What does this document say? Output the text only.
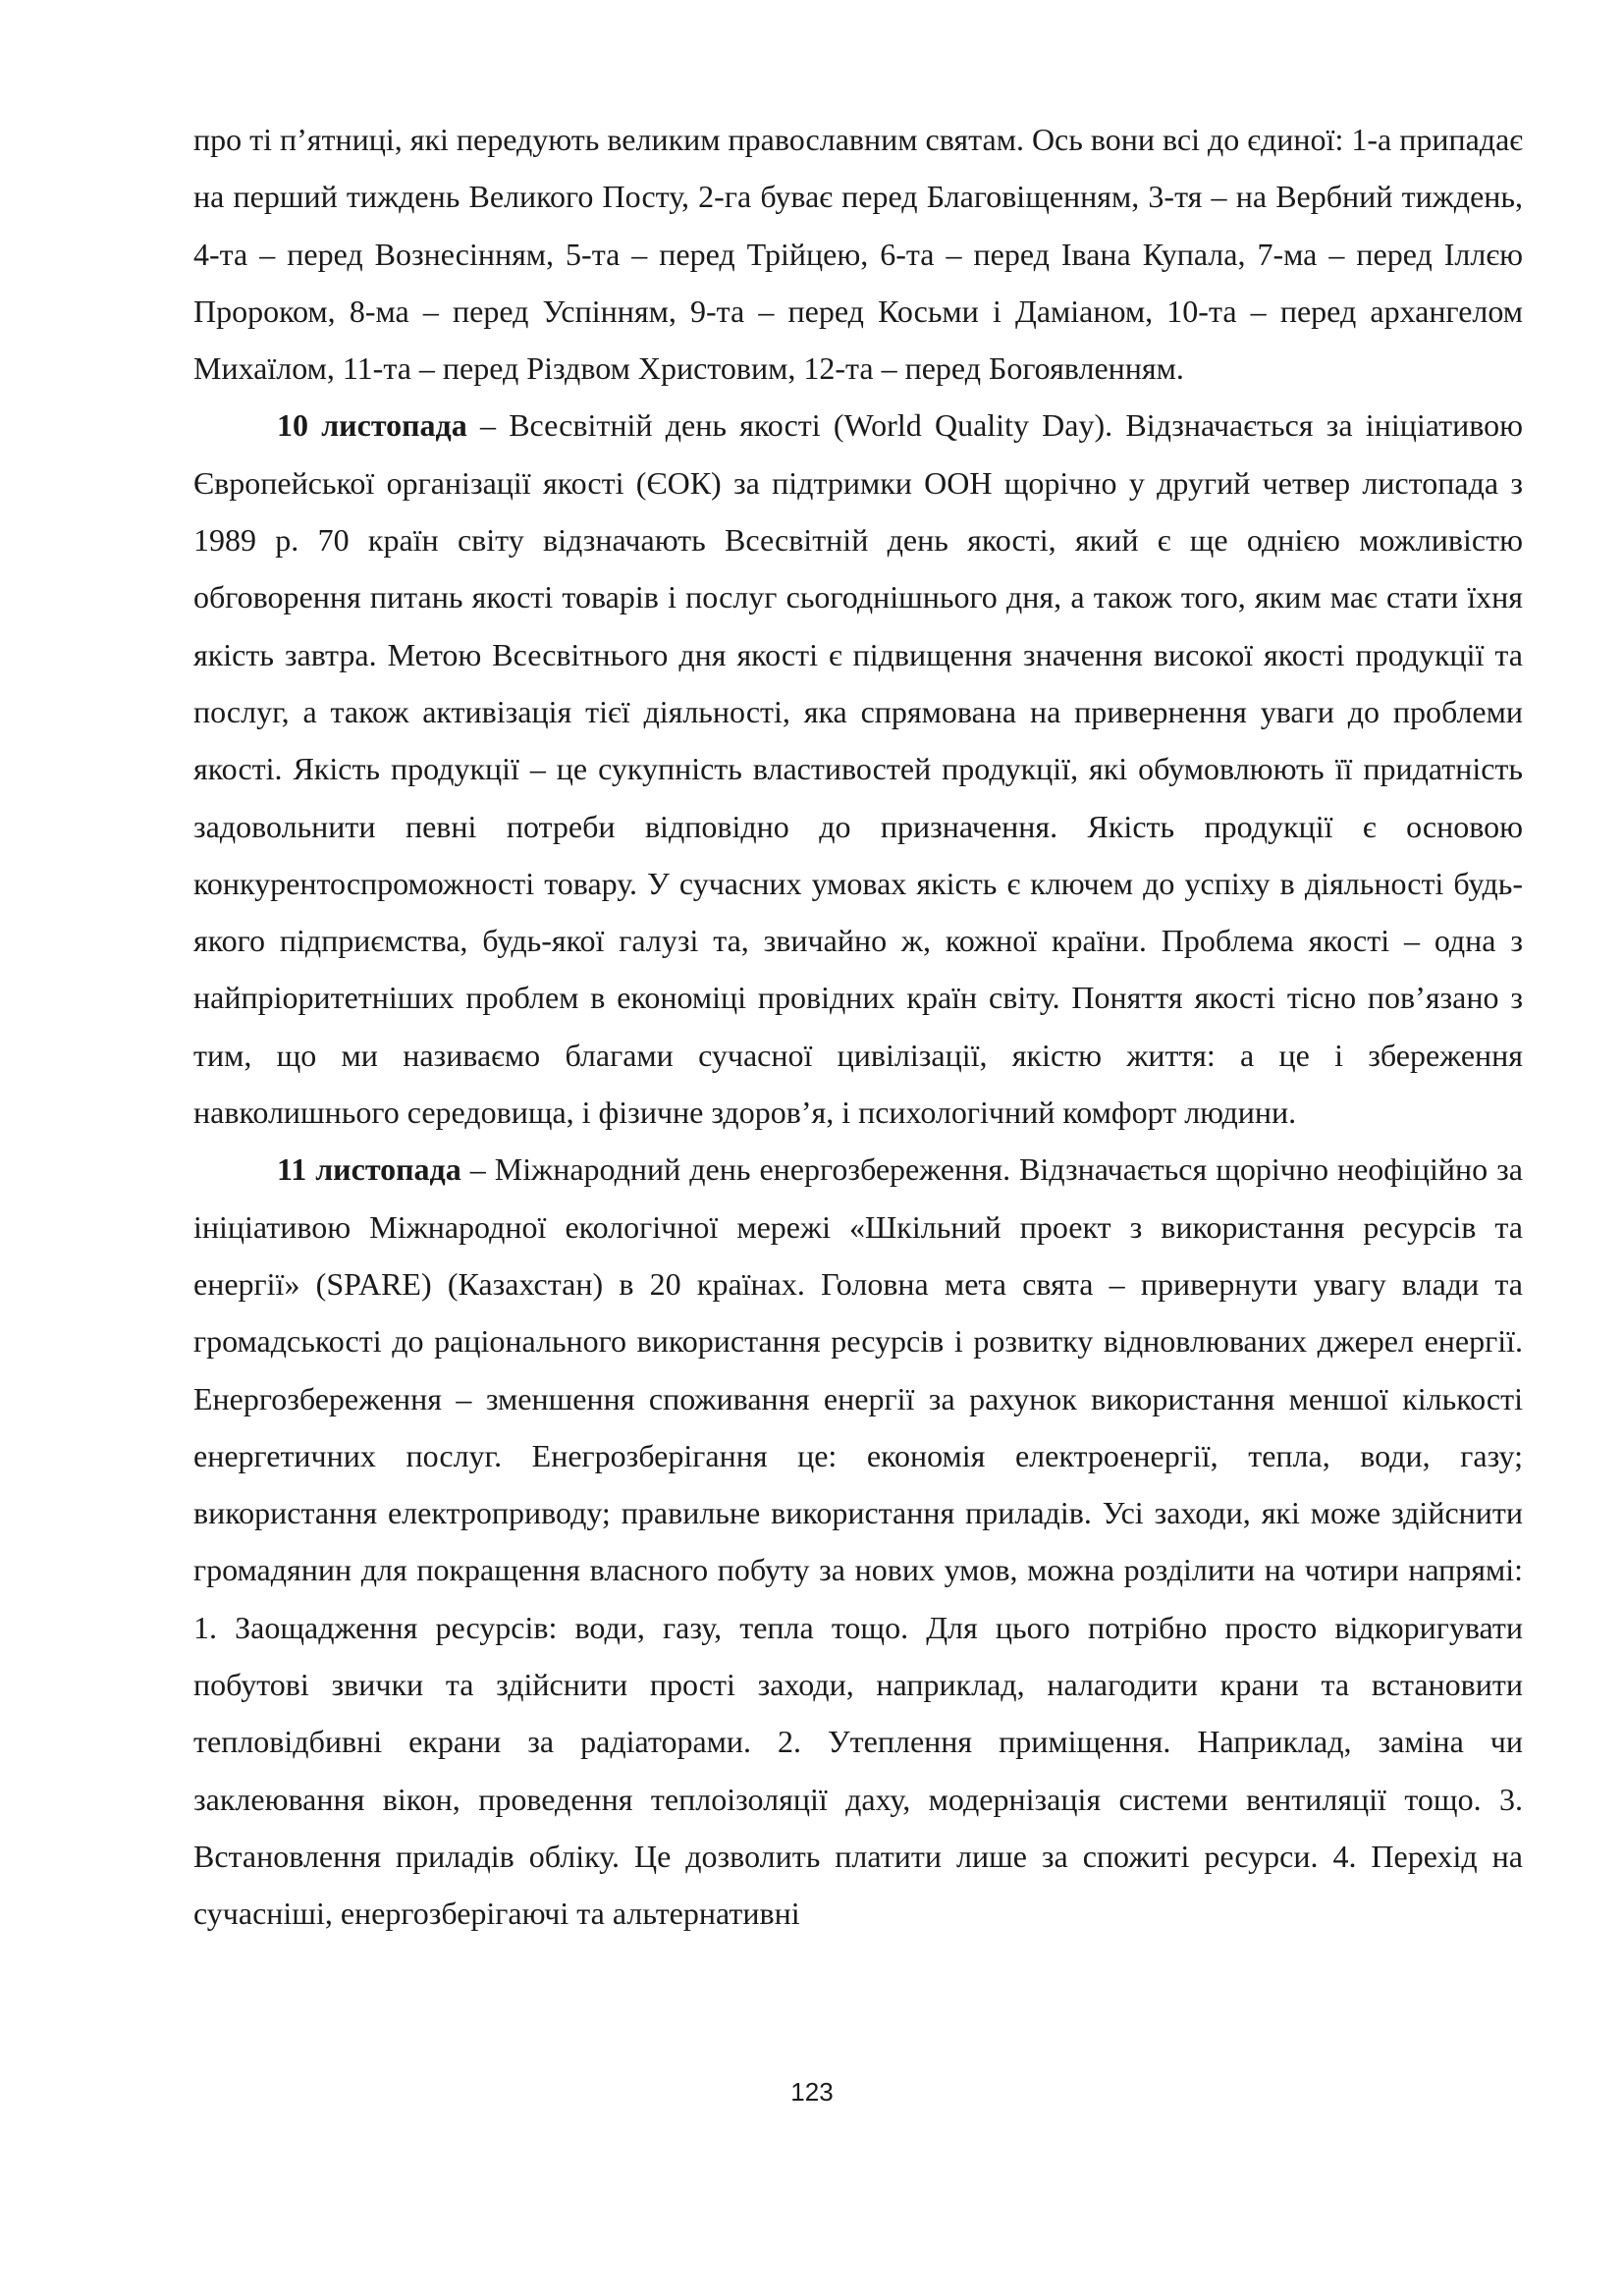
про ті п’ятниці, які передують великим православним святам. Ось вони всі до єдиної: 1-а припадає на перший тиждень Великого Посту, 2-га буває перед Благовіщенням, 3-тя – на Вербний тиждень, 4-та – перед Вознесінням, 5-та – перед Трійцею, 6-та – перед Івана Купала, 7-ма – перед Іллєю Пророком, 8-ма – перед Успінням, 9-та – перед Косьми і Даміаном, 10-та – перед архангелом Михаїлом, 11-та – перед Різдвом Христовим, 12-та – перед Богоявленням.

10 листопада – Всесвітній день якості (World Quality Day). Відзначається за ініціативою Європейської організації якості (ЄОК) за підтримки ООН щорічно у другий четвер листопада з 1989 р. 70 країн світу відзначають Всесвітній день якості, який є ще однією можливістю обговорення питань якості товарів і послуг сьогоднішнього дня, а також того, яким має стати їхня якість завтра. Метою Всесвітнього дня якості є підвищення значення високої якості продукції та послуг, а також активізація тієї діяльності, яка спрямована на привернення уваги до проблеми якості. Якість продукції – це сукупність властивостей продукції, які обумовлюють її придатність задовольнити певні потреби відповідно до призначення. Якість продукції є основою конкурентоспроможності товару. У сучасних умовах якість є ключем до успіху в діяльності будь-якого підприємства, будь-якої галузі та, звичайно ж, кожної країни. Проблема якості – одна з найпріоритетніших проблем в економіці провідних країн світу. Поняття якості тісно пов’язано з тим, що ми називаємо благами сучасної цивілізації, якістю життя: а це і збереження навколишнього середовища, і фізичне здоров’я, і психологічний комфорт людини.

11 листопада – Міжнародний день енергозбереження. Відзначається щорічно неофіційно за ініціативою Міжнародної екологічної мережі «Шкільний проект з використання ресурсів та енергії» (SPARE) (Казахстан) в 20 країнах. Головна мета свята – привернути увагу влади та громадськості до раціонального використання ресурсів і розвитку відновлюваних джерел енергії. Енергозбереження – зменшення споживання енергії за рахунок використання меншої кількості енергетичних послуг. Енегрозберігання це: економія електроенергії, тепла, води, газу; використання електроприводу; правильне використання приладів. Усі заходи, які може здійснити громадянин для покращення власного побуту за нових умов, можна розділити на чотири напрямі: 1. Заощадження ресурсів: води, газу, тепла тощо. Для цього потрібно просто відкоригувати побутові звички та здійснити прості заходи, наприклад, налагодити крани та встановити тепловідбивні екрани за радіаторами. 2. Утеплення приміщення. Наприклад, заміна чи заклеювання вікон, проведення теплоізоляції даху, модернізація системи вентиляції тощо. 3. Встановлення приладів обліку. Це дозволить платити лише за спожиті ресурси. 4. Перехід на сучасніші, енергозберігаючі та альтернативні

123
